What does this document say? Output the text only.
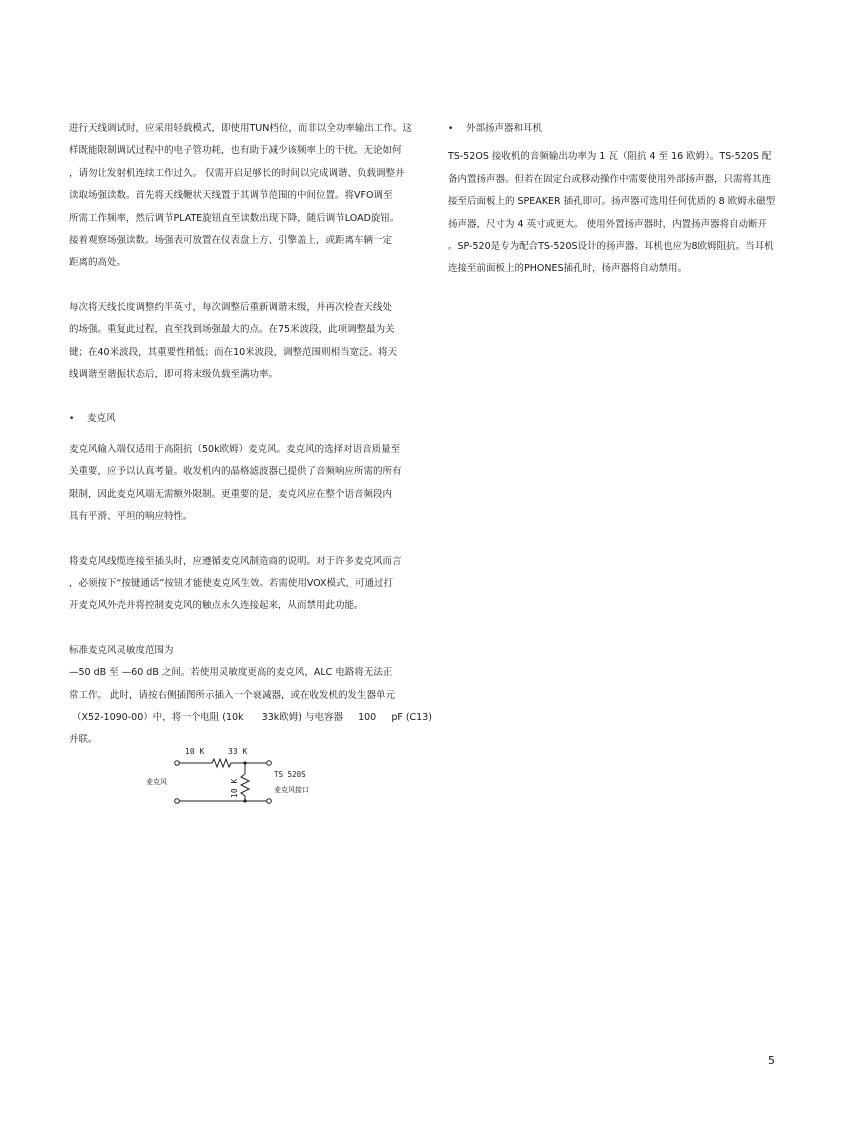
进行天线调试时，应采用轻载模式，即使用TUN档位，而非以全功率输出工作。这
样既能限制调试过程中的电子管功耗，也有助于减少该频率上的干扰。无论如何
，请勿让发射机连续工作过久。 仅需开启足够长的时间以完成调谐、负载调整并
读取场强读数。首先将天线鞭状天线置于其调节范围的中间位置。将VFO调至
所需工作频率，然后调节PLATE旋钮直至读数出现下降，随后调节LOAD旋钮。
接着观察场强读数。场强表可放置在仪表盘上方、引擎盖上，或距离车辆一定
距离的高处。

每次将天线长度调整约半英寸，每次调整后重新调谐末级，并再次检查天线处
的场强。重复此过程，直至找到场强最大的点。在75米波段，此项调整最为关
键；在40米波段，其重要性稍低；而在10米波段，调整范围则相当宽泛。将天
线调谐至谐振状态后，即可将末级负载至满功率。

•	麦克风

麦克风输入端仅适用于高阻抗（50k欧姆）麦克风。麦克风的选择对语音质量至
关重要，应予以认真考量。收发机内的晶格滤波器已提供了音频响应所需的所有
限制，因此麦克风端无需额外限制。更重要的是，麦克风应在整个语音频段内
具有平滑、平坦的响应特性。

将麦克风线缆连接至插头时，应遵循麦克风制造商的说明。对于许多麦克风而言
，必须按下“按键通话”按钮才能使麦克风生效。若需使用VOX模式，可通过打
开麦克风外壳并将控制麦克风的触点永久连接起来，从而禁用此功能。

标准麦克风灵敏度范围为
—50 dB 至 —60 dB 之间。若使用灵敏度更高的麦克风，ALC 电路将无法正
常工作。 此时，请按右侧插图所示插入一个衰减器，或在收发机的发生器单元
（X52-1090-00）中，将一个电阻 (10k      33k欧姆) 与电容器     100     pF (C13)
并联。

•	外部扬声器和耳机

TS-52OS 接收机的音频输出功率为 1 瓦（阻抗 4 至 16 欧姆）。TS-520S 配
备内置扬声器。但若在固定台或移动操作中需要使用外部扬声器，只需将其连
接至后面板上的 SPEAKER 插孔即可。扬声器可选用任何优质的 8 欧姆永磁型
扬声器，尺寸为 4 英寸或更大。 使用外置扬声器时，内置扬声器将自动断开
。SP-520是专为配合TS-520S设计的扬声器。耳机也应为8欧姆阻抗。当耳机
连接至前面板上的PHONES插孔时，扬声器将自动禁用。

10 K	33 K
10 K
麦克风
TS 520S
麦克风接口
5
